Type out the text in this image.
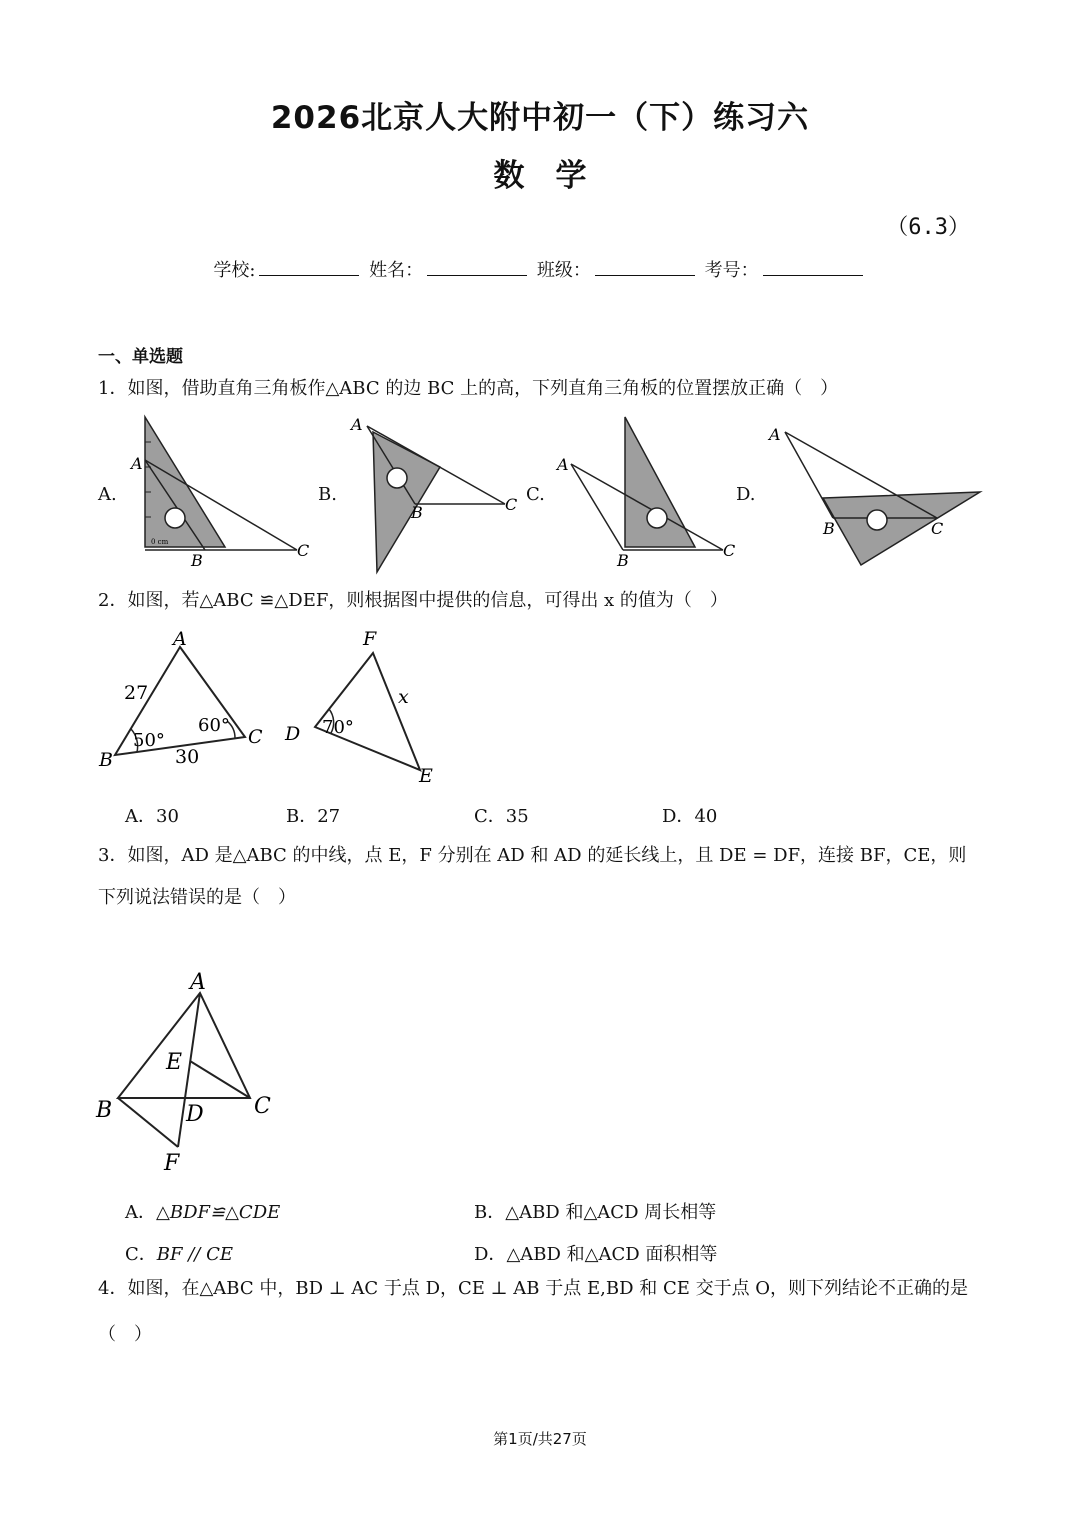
2026北京人大附中初一（下）练习六
数　学
（6.3）
学校:	姓名：	班级：	考号：
一、单选题
1．如图，借助直角三角板作△ABC 的边 BC 上的高，下列直角三角板的位置摆放正确（　）
A.	B.	C.	D.
A
B
C
0 cm
A
B	C
A
B
C
A
B	C
2．如图，若△ABC ≌△DEF，则根据图中提供的信息，可得出 x 的值为（　）
A
B
C
27
30
50°
60°
F
D
E
x
70°
A．30	B．27	C．35	D．40
3．如图，AD 是△ABC 的中线，点 E，F 分别在 AD 和 AD 的延长线上，且 DE = DF，连接 BF，CE，则
下列说法错误的是（　）
A
B	C
D
E
F
A．△BDF≌△CDE	B．△ABD 和△ACD 周长相等
C．BF // CE	D．△ABD 和△ACD 面积相等
4．如图，在△ABC 中，BD ⊥ AC 于点 D，CE ⊥ AB 于点 E,BD 和 CE 交于点 O，则下列结论不正确的是
（　）
第1页/共27页
